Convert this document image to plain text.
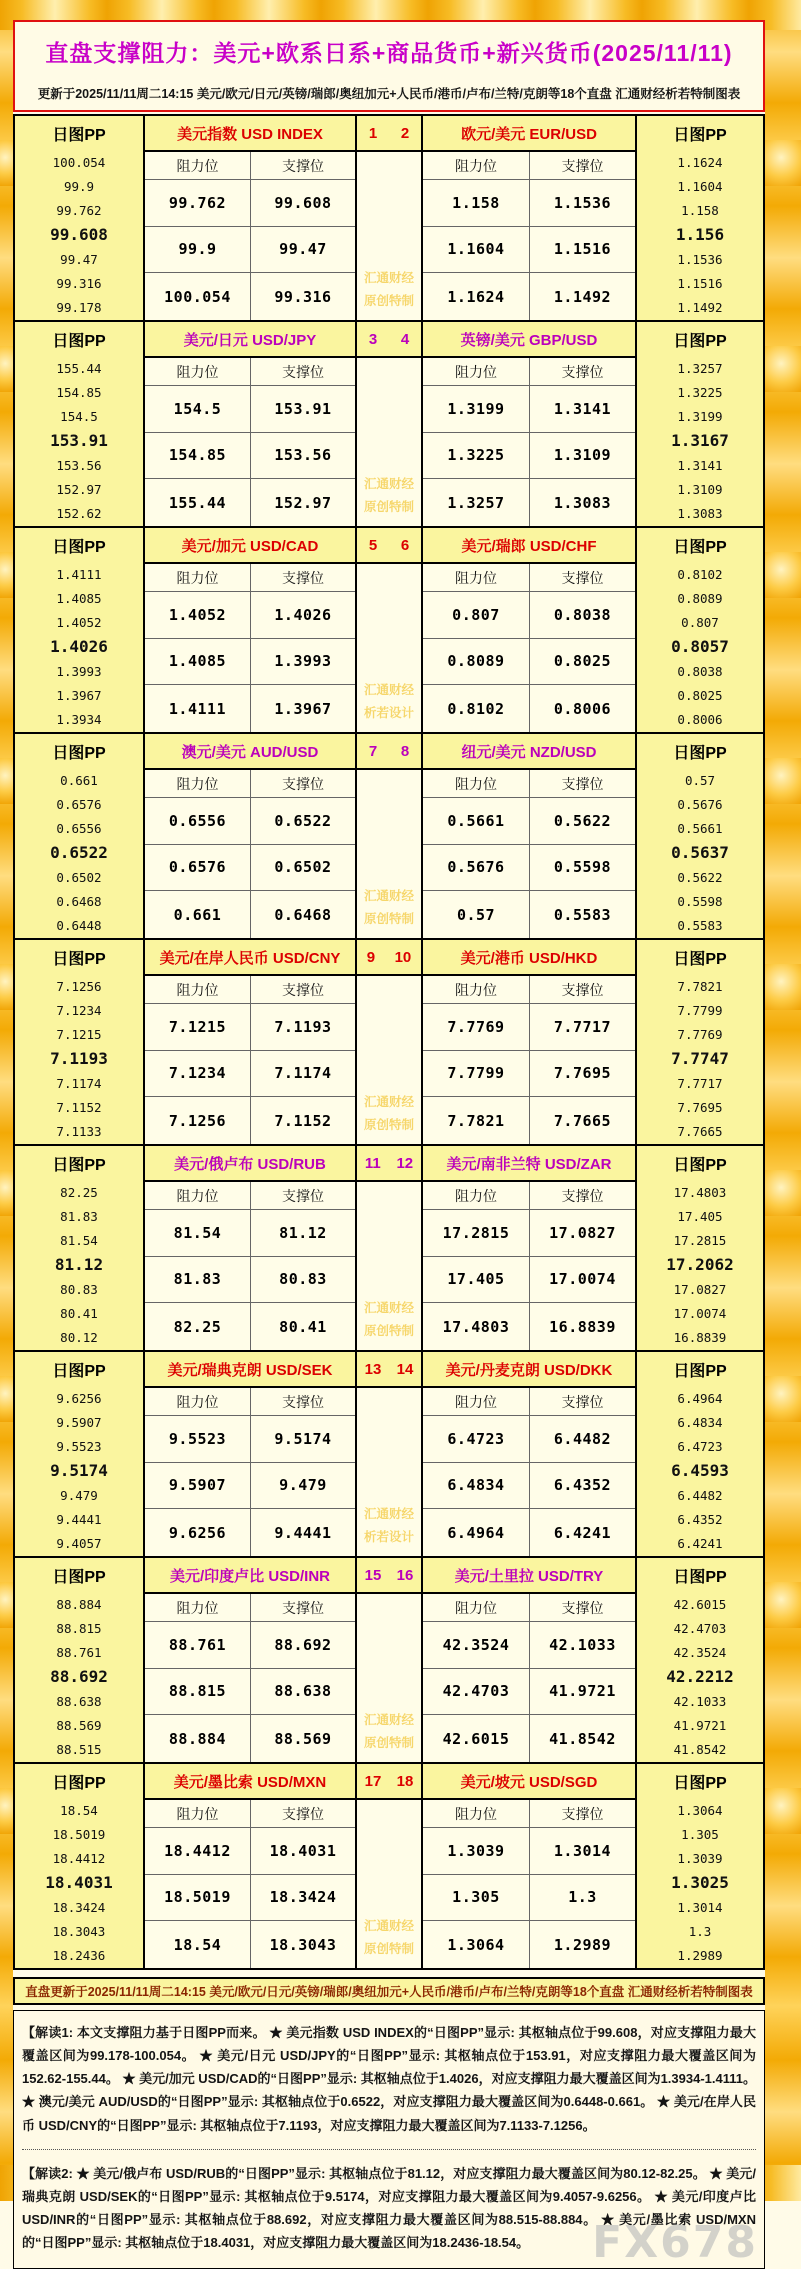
直盘支撑阻力：美元+欧系日系+商品货币+新兴货币(2025/11/11)
更新于2025/11/11周二14:15 美元/欧元/日元/英镑/瑞郎/奥纽加元+人民币/港币/卢布/兰特/克朗等18个直盘 汇通财经析若特制图表
日图PP
100.054
99.9
99.762
99.608
99.47
99.316
99.178
美元指数 USD INDEX
阻力位	支撑位
99.762	99.608
99.9	99.47
100.054	99.316
1 2
汇通财经
原创特制
欧元/美元 EUR/USD
阻力位	支撑位
1.158	1.1536
1.1604	1.1516
1.1624	1.1492
日图PP
1.1624
1.1604
1.158
1.156
1.1536
1.1516
1.1492
日图PP
155.44
154.85
154.5
153.91
153.56
152.97
152.62
美元/日元 USD/JPY
阻力位	支撑位
154.5	153.91
154.85	153.56
155.44	152.97
3 4
汇通财经
原创特制
英镑/美元 GBP/USD
阻力位	支撑位
1.3199	1.3141
1.3225	1.3109
1.3257	1.3083
日图PP
1.3257
1.3225
1.3199
1.3167
1.3141
1.3109
1.3083
日图PP
1.4111
1.4085
1.4052
1.4026
1.3993
1.3967
1.3934
美元/加元 USD/CAD
阻力位	支撑位
1.4052	1.4026
1.4085	1.3993
1.4111	1.3967
5 6
汇通财经
析若设计
美元/瑞郎 USD/CHF
阻力位	支撑位
0.807	0.8038
0.8089	0.8025
0.8102	0.8006
日图PP
0.8102
0.8089
0.807
0.8057
0.8038
0.8025
0.8006
日图PP
0.661
0.6576
0.6556
0.6522
0.6502
0.6468
0.6448
澳元/美元 AUD/USD
阻力位	支撑位
0.6556	0.6522
0.6576	0.6502
0.661	0.6468
7 8
汇通财经
原创特制
纽元/美元 NZD/USD
阻力位	支撑位
0.5661	0.5622
0.5676	0.5598
0.57	0.5583
日图PP
0.57
0.5676
0.5661
0.5637
0.5622
0.5598
0.5583
日图PP
7.1256
7.1234
7.1215
7.1193
7.1174
7.1152
7.1133
美元/在岸人民币 USD/CNY
阻力位	支撑位
7.1215	7.1193
7.1234	7.1174
7.1256	7.1152
9 10
汇通财经
原创特制
美元/港币 USD/HKD
阻力位	支撑位
7.7769	7.7717
7.7799	7.7695
7.7821	7.7665
日图PP
7.7821
7.7799
7.7769
7.7747
7.7717
7.7695
7.7665
日图PP
82.25
81.83
81.54
81.12
80.83
80.41
80.12
美元/俄卢布 USD/RUB
阻力位	支撑位
81.54	81.12
81.83	80.83
82.25	80.41
11 12
汇通财经
原创特制
美元/南非兰特 USD/ZAR
阻力位	支撑位
17.2815	17.0827
17.405	17.0074
17.4803	16.8839
日图PP
17.4803
17.405
17.2815
17.2062
17.0827
17.0074
16.8839
日图PP
9.6256
9.5907
9.5523
9.5174
9.479
9.4441
9.4057
美元/瑞典克朗 USD/SEK
阻力位	支撑位
9.5523	9.5174
9.5907	9.479
9.6256	9.4441
13 14
汇通财经
析若设计
美元/丹麦克朗 USD/DKK
阻力位	支撑位
6.4723	6.4482
6.4834	6.4352
6.4964	6.4241
日图PP
6.4964
6.4834
6.4723
6.4593
6.4482
6.4352
6.4241
日图PP
88.884
88.815
88.761
88.692
88.638
88.569
88.515
美元/印度卢比 USD/INR
阻力位	支撑位
88.761	88.692
88.815	88.638
88.884	88.569
15 16
汇通财经
原创特制
美元/土里拉 USD/TRY
阻力位	支撑位
42.3524	42.1033
42.4703	41.9721
42.6015	41.8542
日图PP
42.6015
42.4703
42.3524
42.2212
42.1033
41.9721
41.8542
日图PP
18.54
18.5019
18.4412
18.4031
18.3424
18.3043
18.2436
美元/墨比索 USD/MXN
阻力位	支撑位
18.4412	18.4031
18.5019	18.3424
18.54	18.3043
17 18
汇通财经
原创特制
美元/坡元 USD/SGD
阻力位	支撑位
1.3039	1.3014
1.305	1.3
1.3064	1.2989
日图PP
1.3064
1.305
1.3039
1.3025
1.3014
1.3
1.2989
直盘更新于2025/11/11周二14:15 美元/欧元/日元/英镑/瑞郎/奥纽加元+人民币/港币/卢布/兰特/克朗等18个直盘 汇通财经析若特制图表

【解读1: 本文支撑阻力基于日图PP而来。 ★ 美元指数 USD INDEX的“日图PP”显示: 其枢轴点位于99.608，对应支撑阻力最大覆盖区间为99.178-100.054。 ★ 美元/日元 USD/JPY的“日图PP”显示: 其枢轴点位于153.91，对应支撑阻力最大覆盖区间为152.62-155.44。 ★ 美元/加元 USD/CAD的“日图PP”显示: 其枢轴点位于1.4026，对应支撑阻力最大覆盖区间为1.3934-1.4111。 ★ 澳元/美元 AUD/USD的“日图PP”显示: 其枢轴点位于0.6522，对应支撑阻力最大覆盖区间为0.6448-0.661。 ★ 美元/在岸人民币 USD/CNY的“日图PP”显示: 其枢轴点位于7.1193，对应支撑阻力最大覆盖区间为7.1133-7.1256。

【解读2: ★ 美元/俄卢布 USD/RUB的“日图PP”显示: 其枢轴点位于81.12，对应支撑阻力最大覆盖区间为80.12-82.25。 ★ 美元/瑞典克朗 USD/SEK的“日图PP”显示: 其枢轴点位于9.5174，对应支撑阻力最大覆盖区间为9.4057-9.6256。 ★ 美元/印度卢比 USD/INR的“日图PP”显示: 其枢轴点位于88.692，对应支撑阻力最大覆盖区间为88.515-88.884。 ★ 美元/墨比索 USD/MXN的“日图PP”显示: 其枢轴点位于18.4031，对应支撑阻力最大覆盖区间为18.2436-18.54。	FX678
